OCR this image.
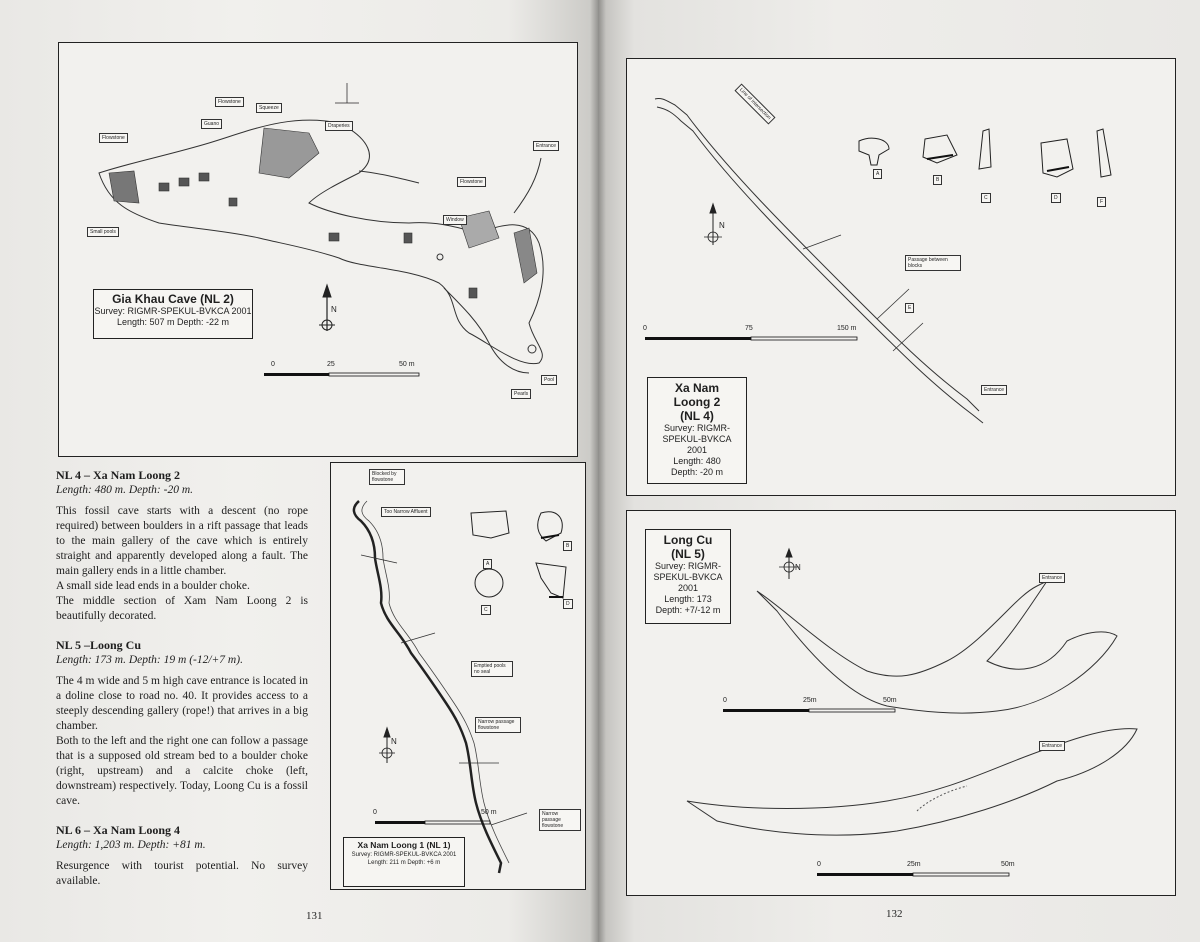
0	25	50 m
N
Flowstone
Squeeze
Guano	Draperies
Flowstone
Entrance
Flowstone
Window
Small pools
Pool
Pearls
Gia Khau Cave (NL 2)
Survey: RIGMR-SPEKUL-BVKCA 2001
Length: 507 m Depth: -22 m
NL 4 – Xa Nam Loong 2
Length: 480 m. Depth: -20 m.

This fossil cave starts with a descent (no rope required) between boulders in a rift passage that leads to the main gallery of the cave which is entirely straight and apparently developed along a fault. The main gallery ends in a little chamber.

A small side lead ends in a boulder choke.

The middle section of Xam Nam Loong 2 is beautifully decorated.

NL 5 –Loong Cu
Length: 173 m. Depth: 19 m (-12/+7 m).

The 4 m wide and 5 m high cave entrance is located in a doline close to road no. 40. It provides access to a steeply descending gallery (rope!) that arrives in a big chamber.

Both to the left and the right one can follow a passage that is a supposed old stream bed to a boulder choke (right, upstream) and a calcite choke (left, downstream) respectively. Today, Loong Cu is a fossil cave.

NL 6 – Xa Nam Loong 4
Length: 1,203 m. Depth: +81 m.

Resurgence with tourist potential. No survey available.

Blocked by flowstone
Too Narrow Affluent
Emptied pools no seal
Narrow passage flowstone
Narrow passage flowstone
A
B
C
D
N
0	50 m
Xa Nam Loong 1 (NL 1)
Survey: RIGMR-SPEKUL-BVKCA 2001
Length: 211 m Depth: +6 m
131
Line of intersection
Passage between blocks
Entrance
A
B
C	D
E
F
N
0	75	150 m
Xa Nam
Loong 2
(NL 4)
Survey: RIGMR-
SPEKUL-BVKCA
2001
Length: 480
Depth: -20 m
Entrance
Entrance
N
0	25m	50m
0	25m	50m
Long Cu
(NL 5)
Survey: RIGMR-
SPEKUL-BVKCA
2001
Length: 173
Depth: +7/-12 m
132
